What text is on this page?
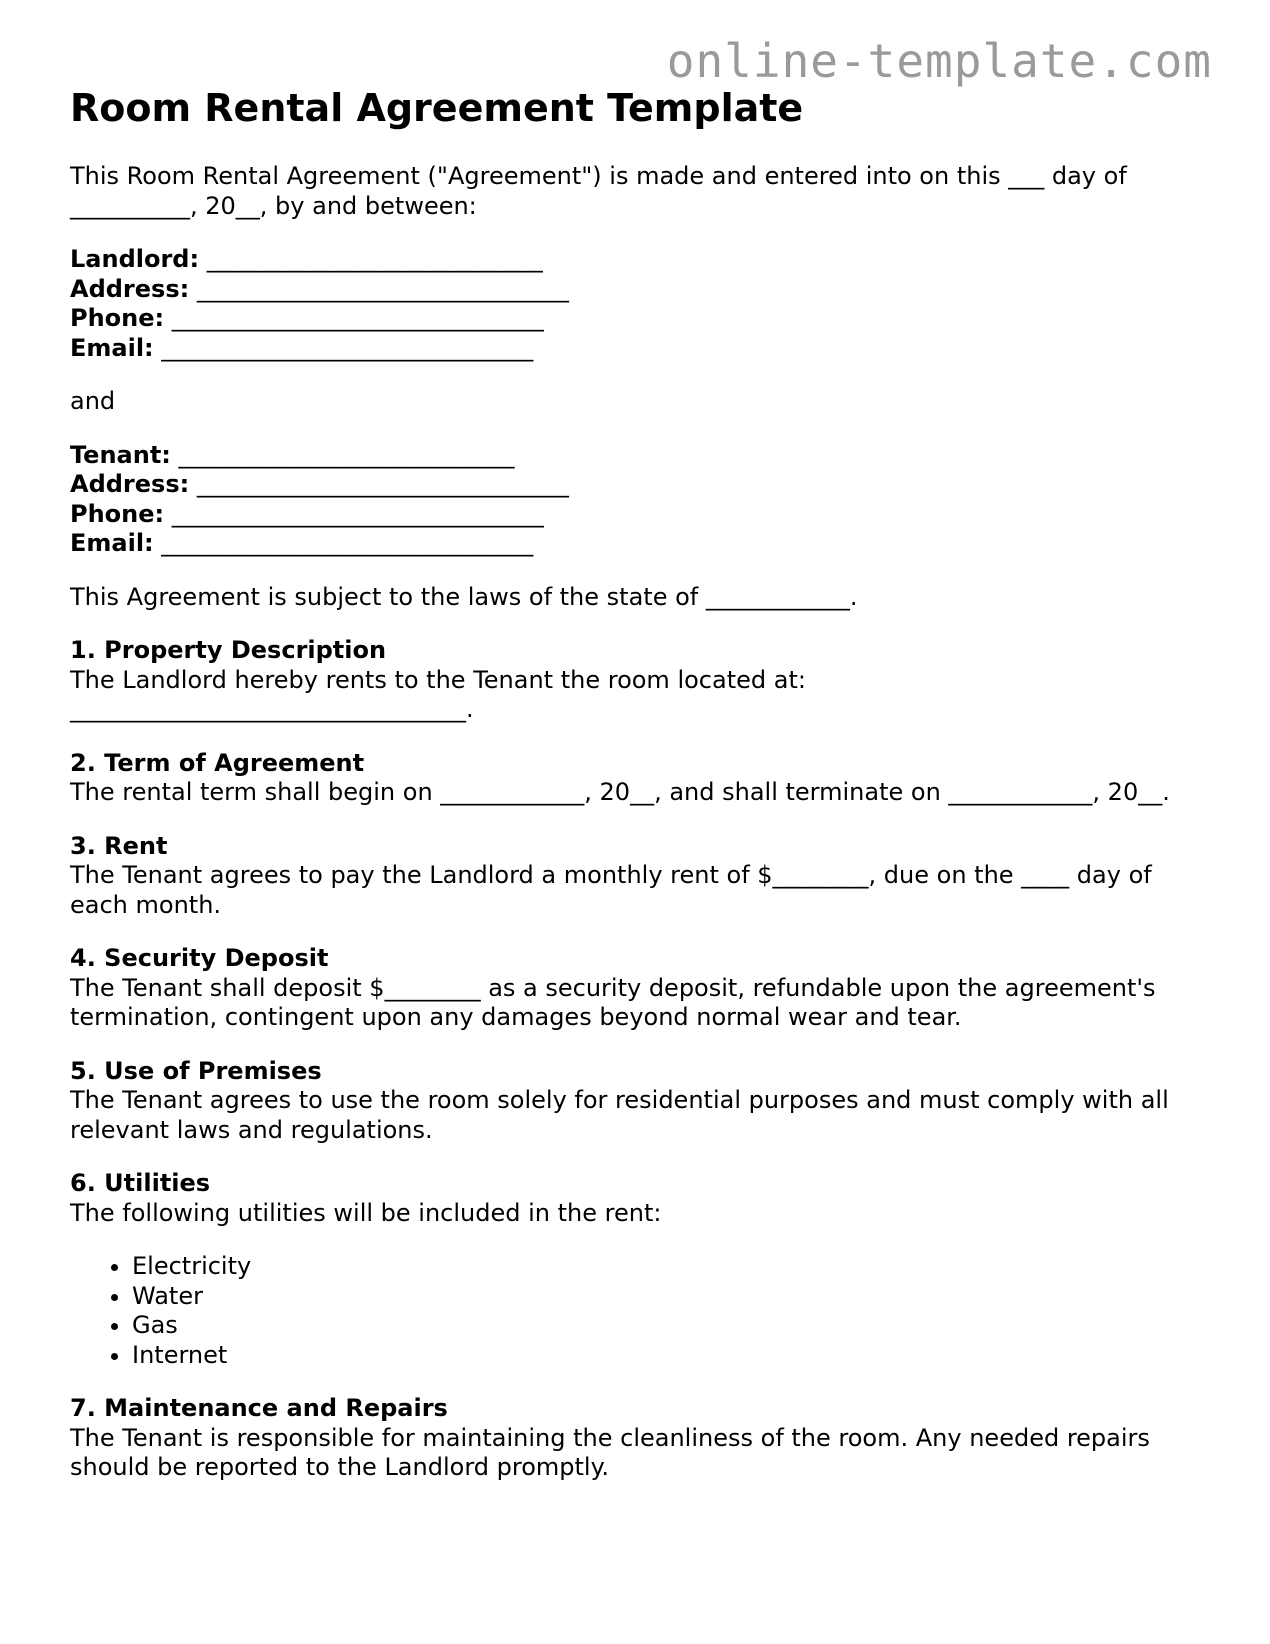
online-template.com
Room Rental Agreement Template

This Room Rental Agreement ("Agreement") is made and entered into on this ___ day of __________, 20__, by and between:

Landlord: ____________________________
Address: _______________________________
Phone: _______________________________
Email: _______________________________

and

Tenant: ____________________________
Address: _______________________________
Phone: _______________________________
Email: _______________________________

This Agreement is subject to the laws of the state of ____________.

1. Property Description

The Landlord hereby rents to the Tenant the room located at: _________________________________.

2. Term of Agreement

The rental term shall begin on ____________, 20__, and shall terminate on ____________, 20__.

3. Rent

The Tenant agrees to pay the Landlord a monthly rent of $________, due on the ____ day of each month.

4. Security Deposit

The Tenant shall deposit $________ as a security deposit, refundable upon the agreement's termination, contingent upon any damages beyond normal wear and tear.

5. Use of Premises

The Tenant agrees to use the room solely for residential purposes and must comply with all relevant laws and regulations.

6. Utilities

The following utilities will be included in the rent:

• Electricity
• Water
• Gas
• Internet
7. Maintenance and Repairs

The Tenant is responsible for maintaining the cleanliness of the room. Any needed repairs should be reported to the Landlord promptly.
